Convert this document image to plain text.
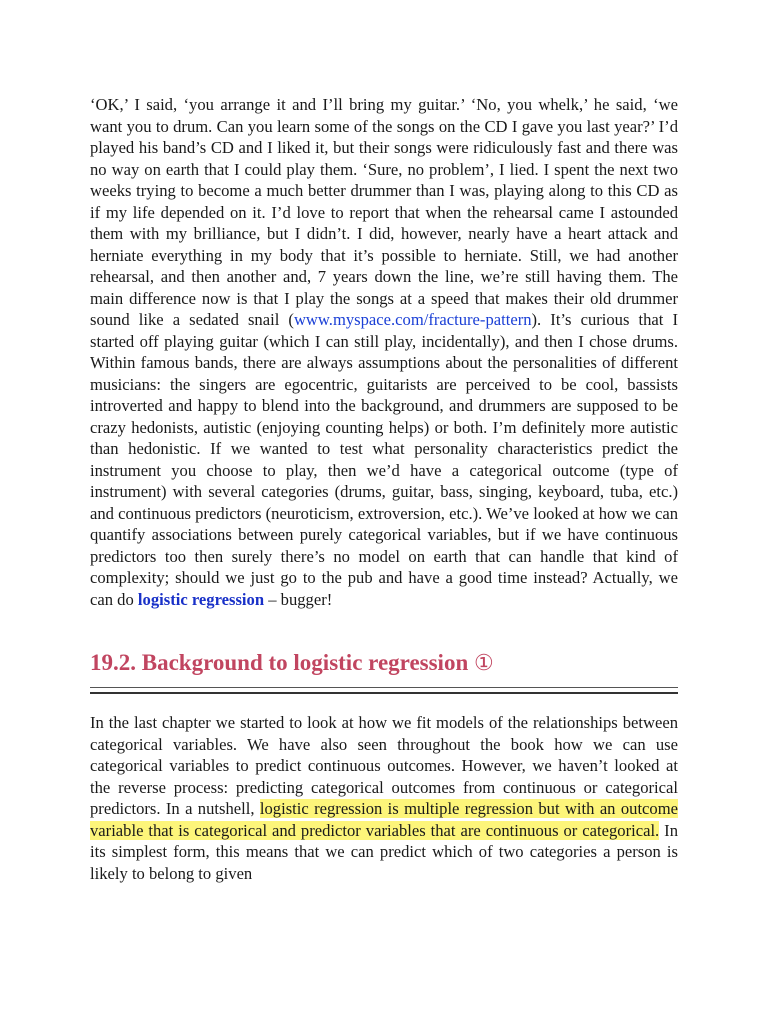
‘OK,’ I said, ‘you arrange it and I’ll bring my guitar.’ ‘No, you whelk,’ he said, ‘we want you to drum. Can you learn some of the songs on the CD I gave you last year?’ I’d played his band’s CD and I liked it, but their songs were ridiculously fast and there was no way on earth that I could play them. ‘Sure, no problem’, I lied. I spent the next two weeks trying to become a much better drummer than I was, playing along to this CD as if my life depended on it. I’d love to report that when the rehearsal came I astounded them with my brilliance, but I didn’t. I did, however, nearly have a heart attack and herniate everything in my body that it’s possible to herniate. Still, we had another rehearsal, and then another and, 7 years down the line, we’re still having them. The main difference now is that I play the songs at a speed that makes their old drummer sound like a sedated snail (www.myspace.com/fracture-pattern). It’s curious that I started off playing guitar (which I can still play, incidentally), and then I chose drums. Within famous bands, there are always assumptions about the personalities of different musicians: the singers are egocentric, guitarists are perceived to be cool, bassists introverted and happy to blend into the background, and drummers are supposed to be crazy hedonists, autistic (enjoying counting helps) or both. I’m definitely more autistic than hedonistic. If we wanted to test what personality characteristics predict the instrument you choose to play, then we’d have a categorical outcome (type of instrument) with several categories (drums, guitar, bass, singing, keyboard, tuba, etc.) and continuous predictors (neuroticism, extroversion, etc.). We’ve looked at how we can quantify associations between purely categorical variables, but if we have continuous predictors too then surely there’s no model on earth that can handle that kind of complexity; should we just go to the pub and have a good time instead? Actually, we can do logistic regression – bugger!

19.2. Background to logistic regression ①

In the last chapter we started to look at how we fit models of the relationships between categorical variables. We have also seen throughout the book how we can use categorical variables to predict continuous outcomes. However, we haven’t looked at the reverse process: predicting categorical outcomes from continuous or categorical predictors. In a nutshell, logistic regression is multiple regression but with an outcome variable that is categorical and predictor variables that are continuous or categorical. In its simplest form, this means that we can predict which of two categories a person is likely to belong to given
